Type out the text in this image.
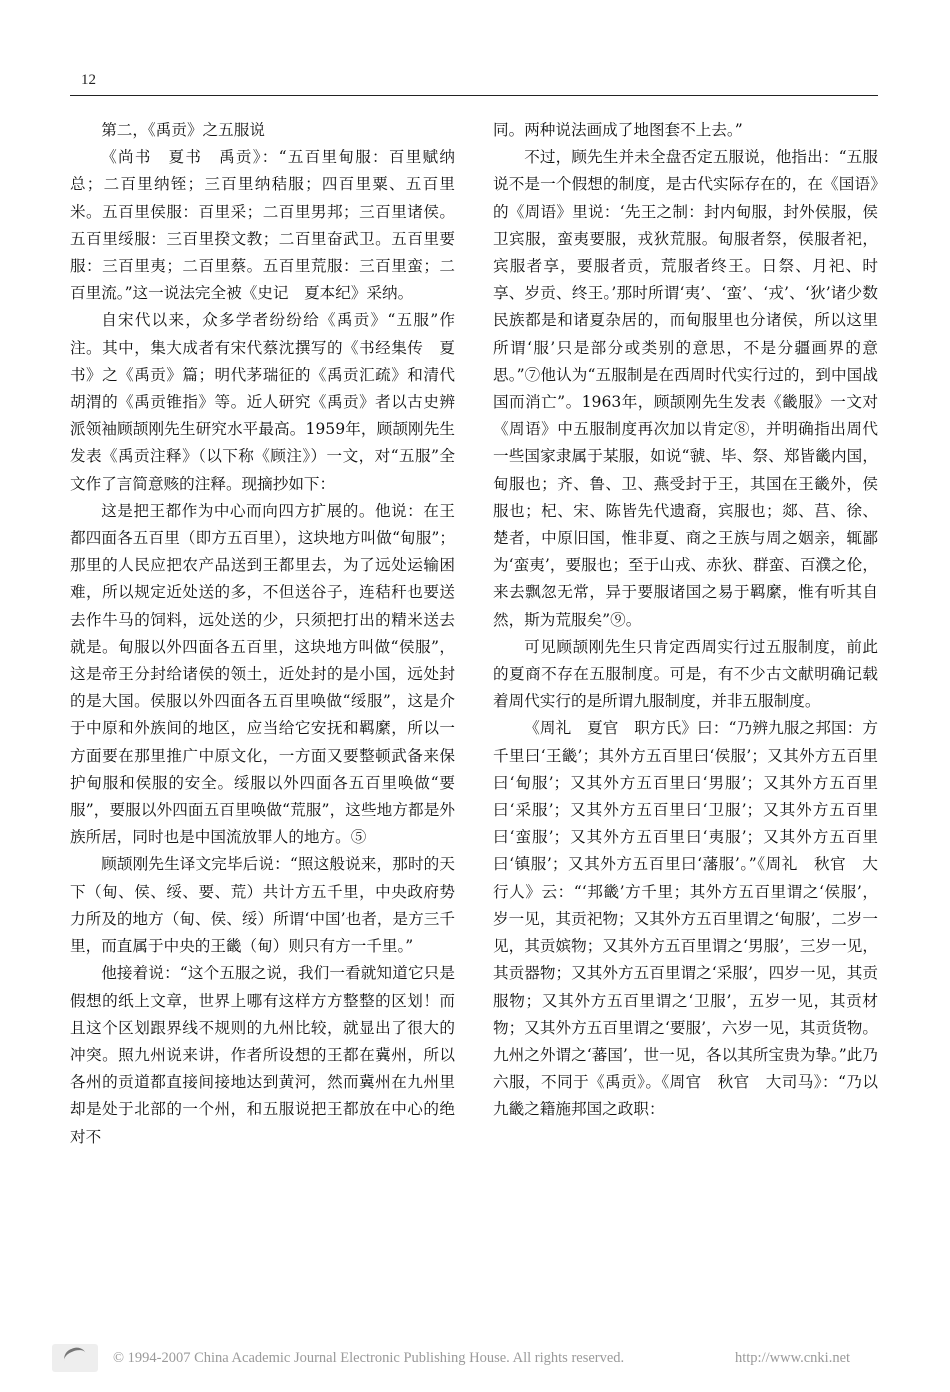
12

第二，《禹贡》之五服说

《尚书　夏书　禹贡》：“五百里甸服：百里赋纳总；二百里纳铚；三百里纳秸服；四百里粟、五百里米。五百里侯服：百里采；二百里男邦；三百里诸侯。五百里绥服：三百里揆文教；二百里奋武卫。五百里要服：三百里夷；二百里蔡。五百里荒服：三百里蛮；二百里流。”这一说法完全被《史记　夏本纪》采纳。

自宋代以来，众多学者纷纷给《禹贡》“五服”作注。其中，集大成者有宋代蔡沈撰写的《书经集传　夏书》之《禹贡》篇；明代茅瑞征的《禹贡汇疏》和清代胡渭的《禹贡锥指》等。近人研究《禹贡》者以古史辨派领袖顾颉刚先生研究水平最高。1959年，顾颉刚先生发表《禹贡注释》（以下称《顾注》）一文，对“五服”全文作了言简意赅的注释。现摘抄如下：

这是把王都作为中心而向四方扩展的。他说：在王都四面各五百里（即方五百里），这块地方叫做“甸服”；那里的人民应把农产品送到王都里去，为了远处运输困难，所以规定近处送的多，不但送谷子，连秸秆也要送去作牛马的饲料，远处送的少，只须把打出的精米送去就是。甸服以外四面各五百里，这块地方叫做“侯服”，这是帝王分封给诸侯的领土，近处封的是小国，远处封的是大国。侯服以外四面各五百里唤做“绥服”，这是介于中原和外族间的地区，应当给它安抚和羁縻，所以一方面要在那里推广中原文化，一方面又要整顿武备来保护甸服和侯服的安全。绥服以外四面各五百里唤做“要服”，要服以外四面五百里唤做“荒服”，这些地方都是外族所居，同时也是中国流放罪人的地方。⑤

顾颉刚先生译文完毕后说：“照这般说来，那时的天下（甸、侯、绥、要、荒）共计方五千里，中央政府势力所及的地方（甸、侯、绥）所谓‘中国’也者，是方三千里，而直属于中央的王畿（甸）则只有方一千里。”

他接着说：“这个五服之说，我们一看就知道它只是假想的纸上文章，世界上哪有这样方方整整的区划！而且这个区划跟界线不规则的九州比较，就显出了很大的冲突。照九州说来讲，作者所设想的王都在冀州，所以各州的贡道都直接间接地达到黄河，然而冀州在九州里却是处于北部的一个州，和五服说把王都放在中心的绝对不

同。两种说法画成了地图套不上去。”

不过，顾先生并未全盘否定五服说，他指出：“五服说不是一个假想的制度，是古代实际存在的，在《国语》的《周语》里说：‘先王之制：封内甸服，封外侯服，侯卫宾服，蛮夷要服，戎狄荒服。甸服者祭，侯服者祀，宾服者享，要服者贡，荒服者终王。日祭、月祀、时享、岁贡、终王。’那时所谓‘夷’、‘蛮’、‘戎’、‘狄’诸少数民族都是和诸夏杂居的，而甸服里也分诸侯，所以这里所谓‘服’只是部分或类别的意思，不是分疆画界的意思。”⑦他认为“五服制是在西周时代实行过的，到中国战国而消亡”。1963年，顾颉刚先生发表《畿服》一文对《周语》中五服制度再次加以肯定⑧，并明确指出周代一些国家隶属于某服，如说“虢、毕、祭、郑皆畿内国，甸服也；齐、鲁、卫、燕受封于王，其国在王畿外，侯服也；杞、宋、陈皆先代遗裔，宾服也；郯、莒、徐、楚者，中原旧国，惟非夏、商之王族与周之姻亲，辄鄙为‘蛮夷’，要服也；至于山戎、赤狄、群蛮、百濮之伦，来去飘忽无常，异于要服诸国之易于羁縻，惟有听其自然，斯为荒服矣”⑨。

可见顾颉刚先生只肯定西周实行过五服制度，前此的夏商不存在五服制度。可是，有不少古文献明确记载着周代实行的是所谓九服制度，并非五服制度。

《周礼　夏官　职方氏》曰：“乃辨九服之邦国：方千里曰‘王畿’；其外方五百里曰‘侯服’；又其外方五百里曰‘甸服’；又其外方五百里曰‘男服’；又其外方五百里曰‘采服’；又其外方五百里曰‘卫服’；又其外方五百里曰‘蛮服’；又其外方五百里曰‘夷服’；又其外方五百里曰‘镇服’；又其外方五百里曰‘藩服’。”《周礼　秋官　大行人》云：“‘邦畿’方千里；其外方五百里谓之‘侯服’，岁一见，其贡祀物；又其外方五百里谓之‘甸服’，二岁一见，其贡嫔物；又其外方五百里谓之‘男服’，三岁一见，其贡器物；又其外方五百里谓之‘采服’，四岁一见，其贡服物；又其外方五百里谓之‘卫服’，五岁一见，其贡材物；又其外方五百里谓之‘要服’，六岁一见，其贡货物。九州之外谓之‘蕃国’，世一见，各以其所宝贵为挚。”此乃六服，不同于《禹贡》。《周官　秋官　大司马》：“乃以九畿之籍施邦国之政职：

© 1994-2007 China Academic Journal Electronic Publishing House. All rights reserved.	http://www.cnki.net
